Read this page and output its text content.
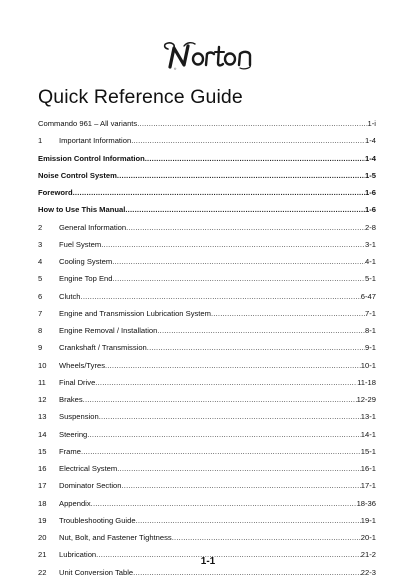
®
Quick Reference Guide
Commando 961 – All variants .....	1-i
1	Important Information .....	1-4
Emission Control Information .....	1-4
Noise Control System .....	1-5
Foreword .....	1-6
How to Use This Manual .....	1-6
2	General Information .....	2-8
3	Fuel System .....	3-1
4	Cooling System .....	4-1
5	Engine Top End .....	5-1
6	Clutch .....	6-47
7	Engine and Transmission Lubrication System .....	7-1
8	Engine Removal / Installation .....	8-1
9	Crankshaft / Transmission .....	9-1
10	Wheels/Tyres .....	10-1
11	Final Drive .....	11-18
12	Brakes .....	12-29
13	Suspension .....	13-1
14	Steering .....	14-1
15	Frame .....	15-1
16	Electrical System .....	16-1
17	Dominator Section .....	17-1
18	Appendix .....	18-36
19	Troubleshooting Guide .....	19-1
20	Nut, Bolt, and Fastener Tightness .....	20-1
21	Lubrication .....	21-2
22	Unit Conversion Table .....	22-3
1-1
